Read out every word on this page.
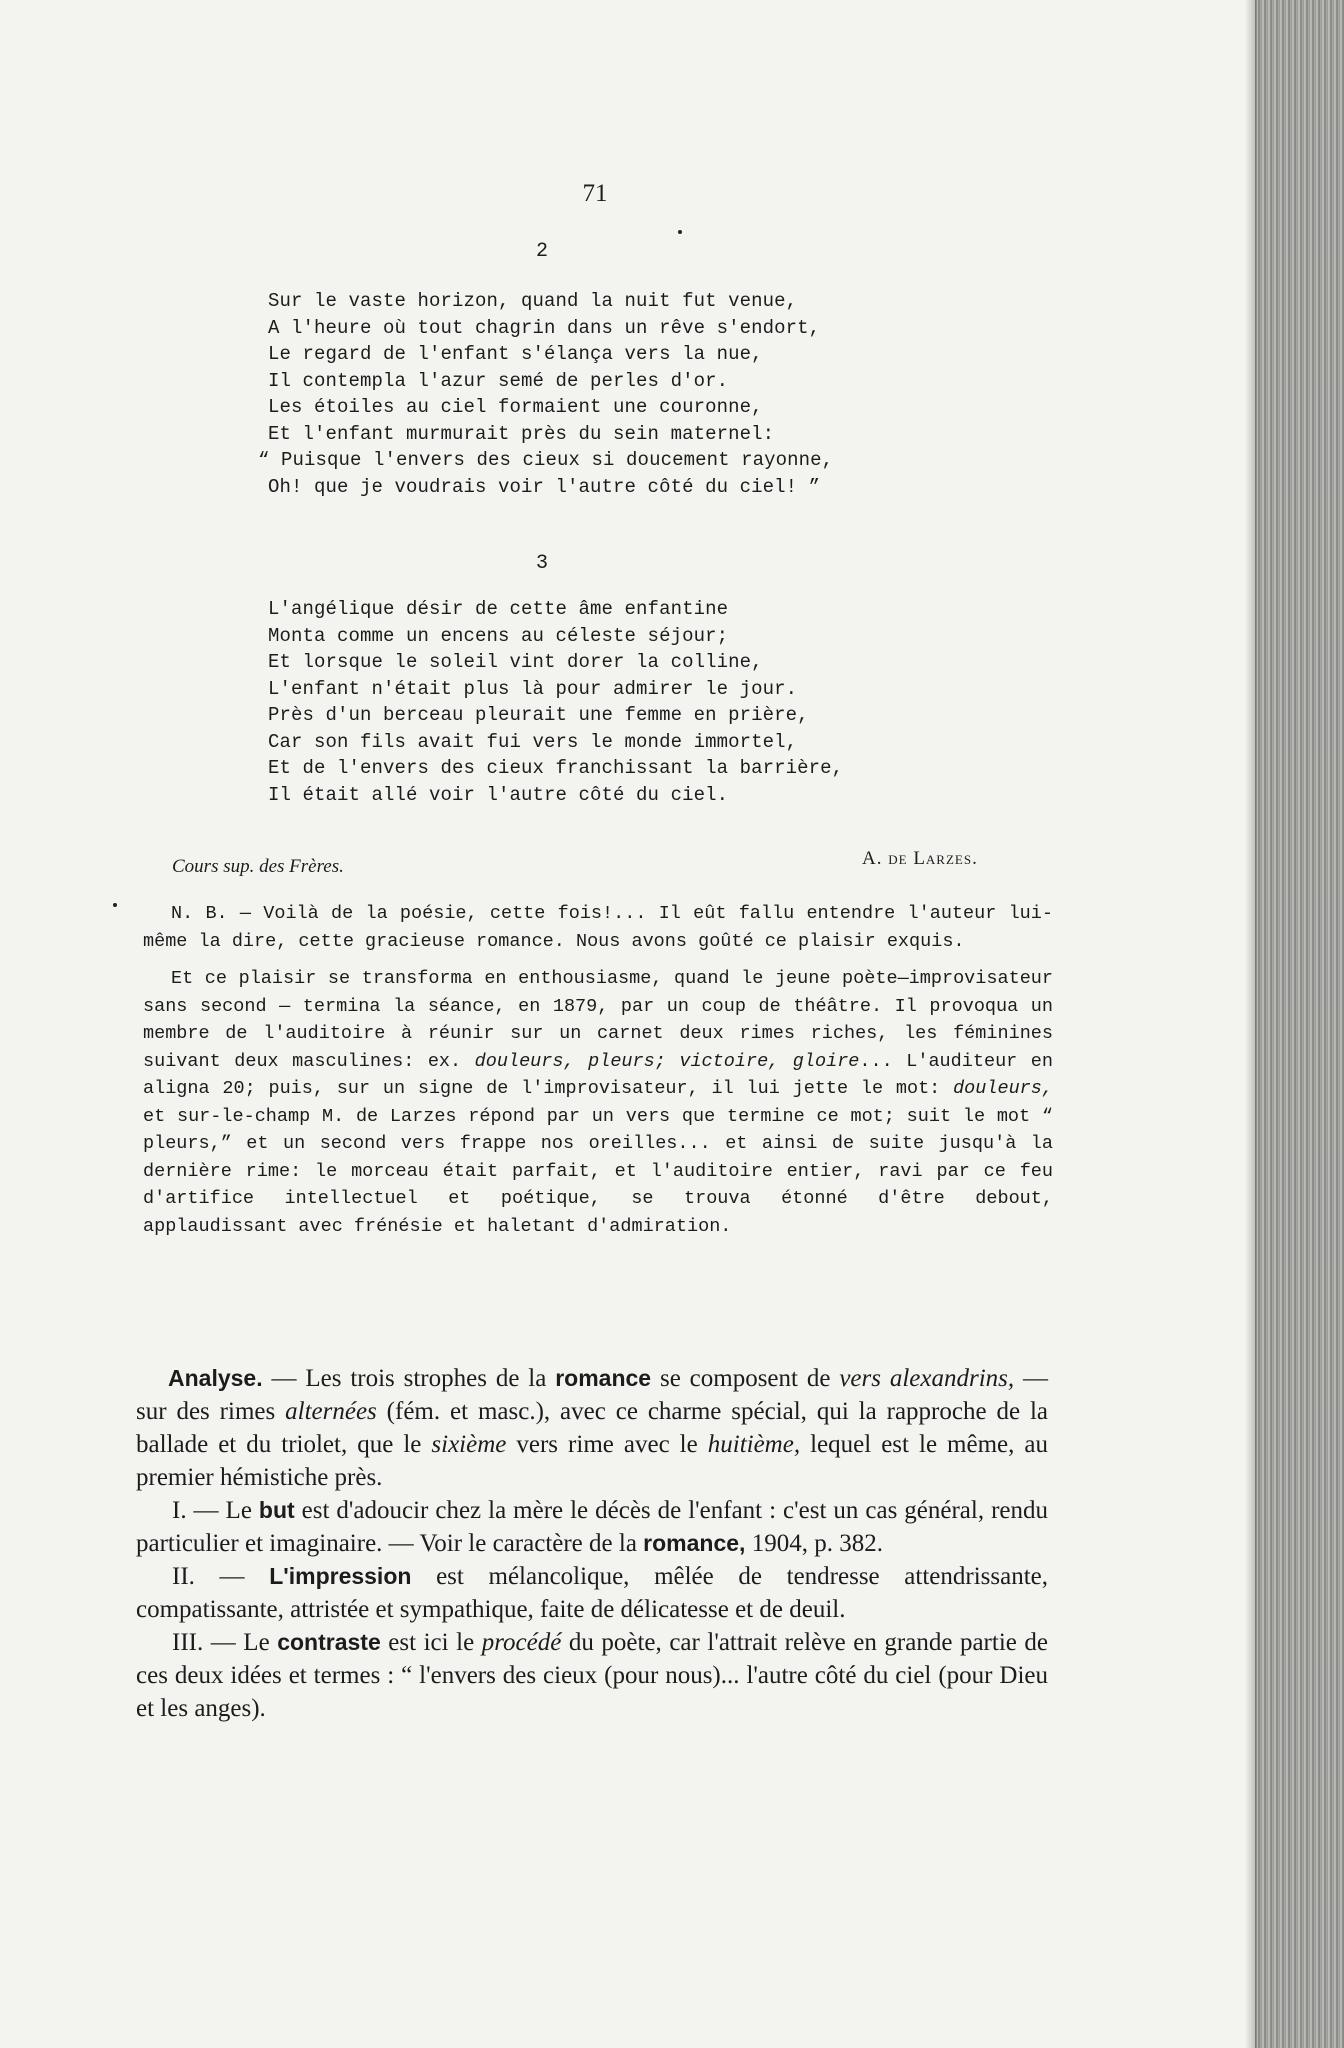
71
2
Sur le vaste horizon, quand la nuit fut venue,
A l'heure où tout chagrin dans un rêve s'endort,
Le regard de l'enfant s'élança vers la nue,
Il contempla l'azur semé de perles d'or.
Les étoiles au ciel formaient une couronne,
Et l'enfant murmurait près du sein maternel:
“ Puisque l'envers des cieux si doucement rayonne,
Oh! que je voudrais voir l'autre côté du ciel! ”
3
L'angélique désir de cette âme enfantine
Monta comme un encens au céleste séjour;
Et lorsque le soleil vint dorer la colline,
L'enfant n'était plus là pour admirer le jour.
Près d'un berceau pleurait une femme en prière,
Car son fils avait fui vers le monde immortel,
Et de l'envers des cieux franchissant la barrière,
Il était allé voir l'autre côté du ciel.
Cours sup. des Frères.	A. de Larzes.

N. B. — Voilà de la poésie, cette fois!... Il eût fallu entendre l'auteur lui-même la dire, cette gracieuse romance. Nous avons goûté ce plaisir exquis.

Et ce plaisir se transforma en enthousiasme, quand le jeune poète—improvisateur sans second — termina la séance, en 1879, par un coup de théâtre. Il provoqua un membre de l'auditoire à réunir sur un carnet deux rimes riches, les féminines suivant deux masculines: ex. douleurs, pleurs; victoire, gloire... L'auditeur en aligna 20; puis, sur un signe de l'improvisateur, il lui jette le mot: douleurs, et sur-le-champ M. de Larzes répond par un vers que termine ce mot; suit le mot “ pleurs,” et un second vers frappe nos oreilles... et ainsi de suite jusqu'à la dernière rime: le morceau était parfait, et l'auditoire entier, ravi par ce feu d'artifice intellectuel et poétique, se trouva étonné d'être debout, applaudissant avec frénésie et haletant d'admiration.

Analyse. — Les trois strophes de la romance se composent de vers alexandrins, — sur des rimes alternées (fém. et masc.), avec ce charme spécial, qui la rapproche de la ballade et du triolet, que le sixième vers rime avec le huitième, lequel est le même, au premier hémistiche près.

I. — Le but est d'adoucir chez la mère le décès de l'enfant : c'est un cas général, rendu particulier et imaginaire. — Voir le caractère de la romance, 1904, p. 382.

II. — L'impression est mélancolique, mêlée de tendresse attendrissante, compatissante, attristée et sympathique, faite de délicatesse et de deuil.

III. — Le contraste est ici le procédé du poète, car l'attrait relève en grande partie de ces deux idées et termes : “ l'envers des cieux (pour nous)... l'autre côté du ciel (pour Dieu et les anges).
